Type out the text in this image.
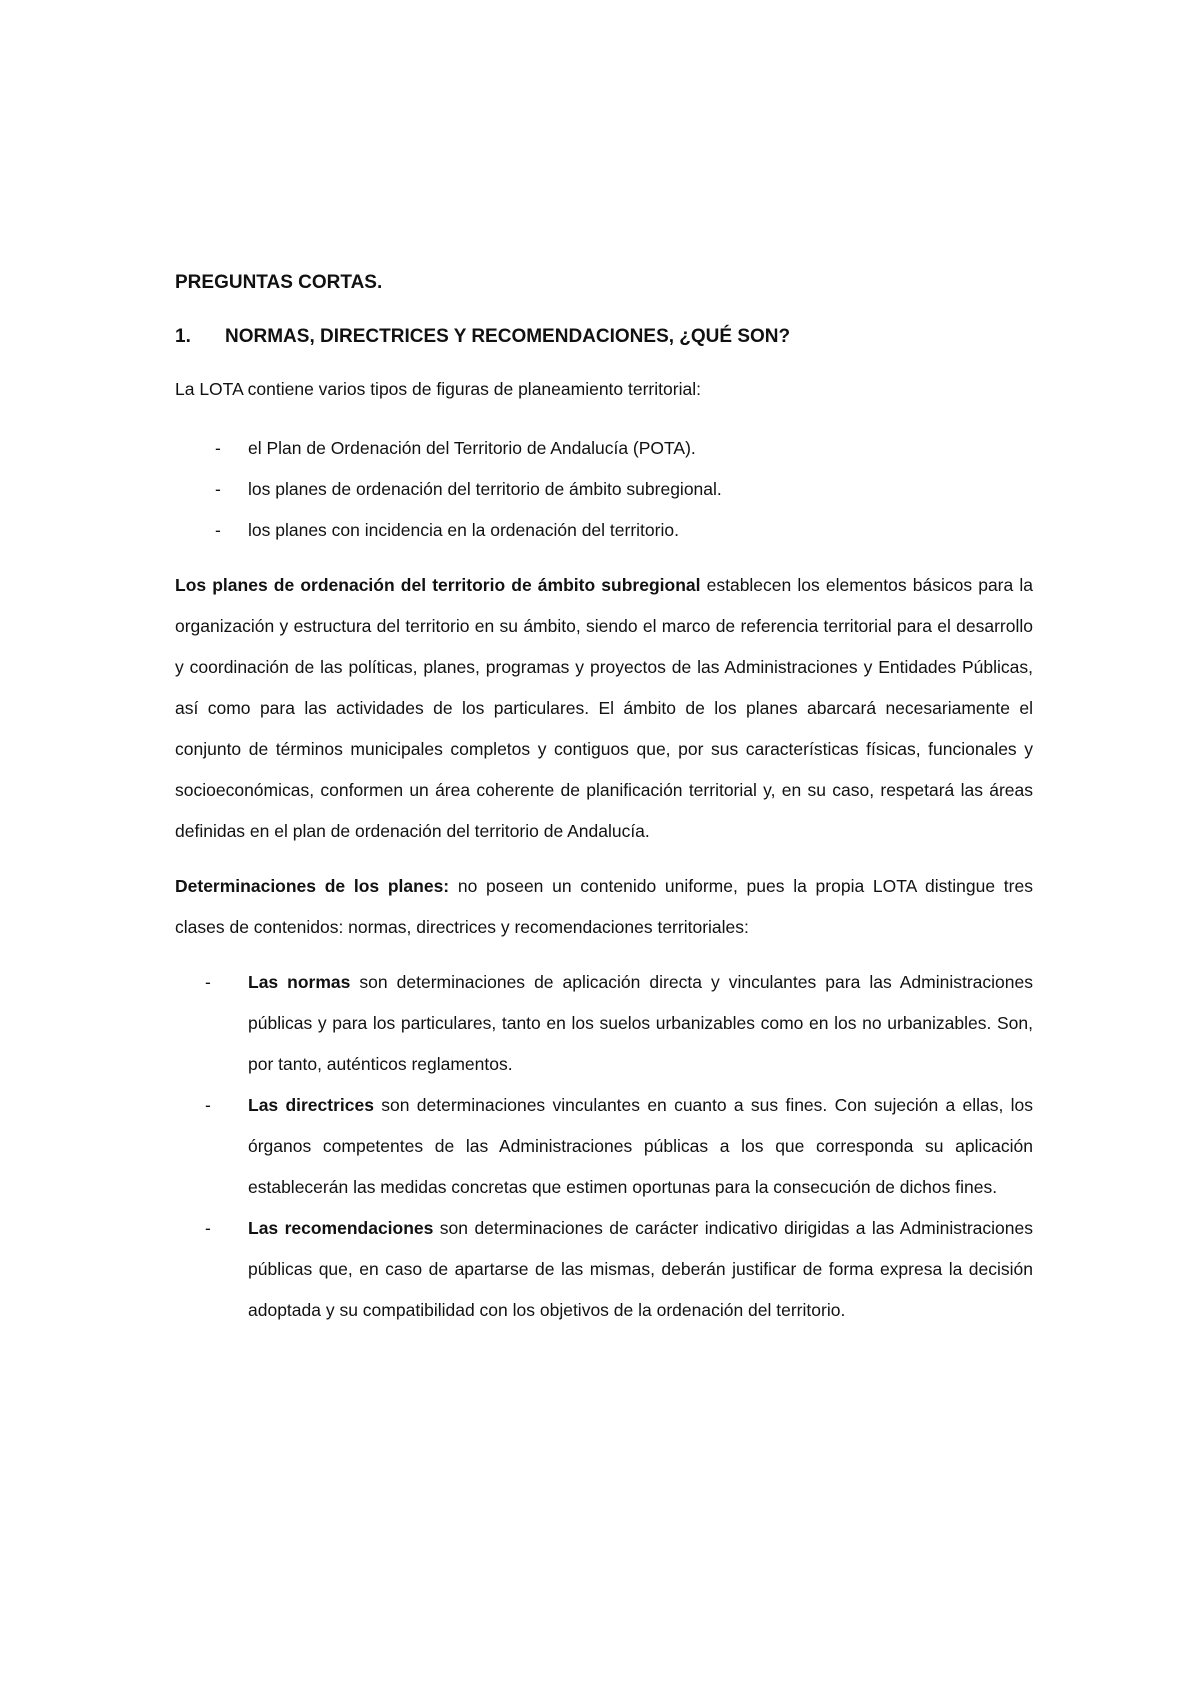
PREGUNTAS CORTAS.

1.	NORMAS, DIRECTRICES Y RECOMENDACIONES, ¿QUÉ SON?

La LOTA contiene varios tipos de figuras de planeamiento territorial:

-	el Plan de Ordenación del Territorio de Andalucía (POTA).
-	los planes de ordenación del territorio de ámbito subregional.
-	los planes con incidencia en la ordenación del territorio.

Los planes de ordenación del territorio de ámbito subregional establecen los elementos básicos para la organización y estructura del territorio en su ámbito, siendo el marco de referencia territorial para el desarrollo y coordinación de las políticas, planes, programas y proyectos de las Administraciones y Entidades Públicas, así como para las actividades de los particulares. El ámbito de los planes abarcará necesariamente el conjunto de términos municipales completos y contiguos que, por sus características físicas, funcionales y socioeconómicas, conformen un área coherente de planificación territorial y, en su caso, respetará las áreas definidas en el plan de ordenación del territorio de Andalucía.

Determinaciones de los planes: no poseen un contenido uniforme, pues la propia LOTA distingue tres clases de contenidos: normas, directrices y recomendaciones territoriales:

-	Las normas son determinaciones de aplicación directa y vinculantes para las Administraciones públicas y para los particulares, tanto en los suelos urbanizables como en los no urbanizables. Son, por tanto, auténticos reglamentos.
-	Las directrices son determinaciones vinculantes en cuanto a sus fines. Con sujeción a ellas, los órganos competentes de las Administraciones públicas a los que corresponda su aplicación establecerán las medidas concretas que estimen oportunas para la consecución de dichos fines.
-	Las recomendaciones son determinaciones de carácter indicativo dirigidas a las Administraciones públicas que, en caso de apartarse de las mismas, deberán justificar de forma expresa la decisión adoptada y su compatibilidad con los objetivos de la ordenación del territorio.
